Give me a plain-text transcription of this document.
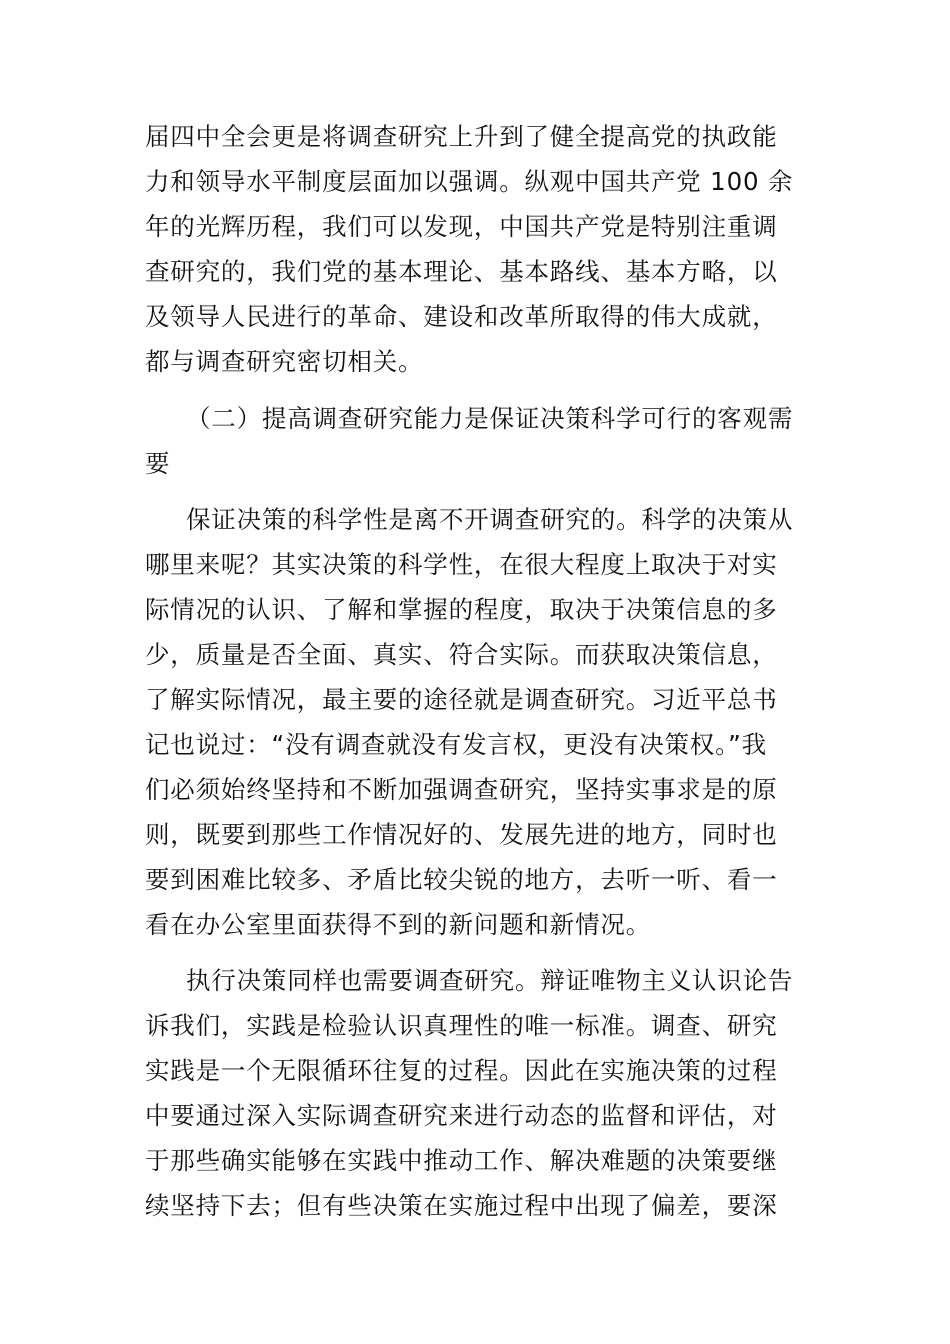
届四中全会更是将调查研究上升到了健全提高党的执政能
力和领导水平制度层面加以强调。纵观中国共产党 100 余
年的光辉历程，我们可以发现，中国共产党是特别注重调
查研究的，我们党的基本理论、基本路线、基本方略，以
及领导人民进行的革命、建设和改革所取得的伟大成就，
都与调查研究密切相关。
（二）提高调查研究能力是保证决策科学可行的客观需
要
保证决策的科学性是离不开调查研究的。科学的决策从
哪里来呢？其实决策的科学性，在很大程度上取决于对实
际情况的认识、了解和掌握的程度，取决于决策信息的多
少，质量是否全面、真实、符合实际。而获取决策信息，
了解实际情况，最主要的途径就是调查研究。习近平总书
记也说过：“没有调查就没有发言权，更没有决策权。”我
们必须始终坚持和不断加强调查研究，坚持实事求是的原
则，既要到那些工作情况好的、发展先进的地方，同时也
要到困难比较多、矛盾比较尖锐的地方，去听一听、看一
看在办公室里面获得不到的新问题和新情况。
执行决策同样也需要调查研究。辩证唯物主义认识论告
诉我们，实践是检验认识真理性的唯一标准。调查、研究
实践是一个无限循环往复的过程。因此在实施决策的过程
中要通过深入实际调查研究来进行动态的监督和评估，对
于那些确实能够在实践中推动工作、解决难题的决策要继
续坚持下去；但有些决策在实施过程中出现了偏差，要深
